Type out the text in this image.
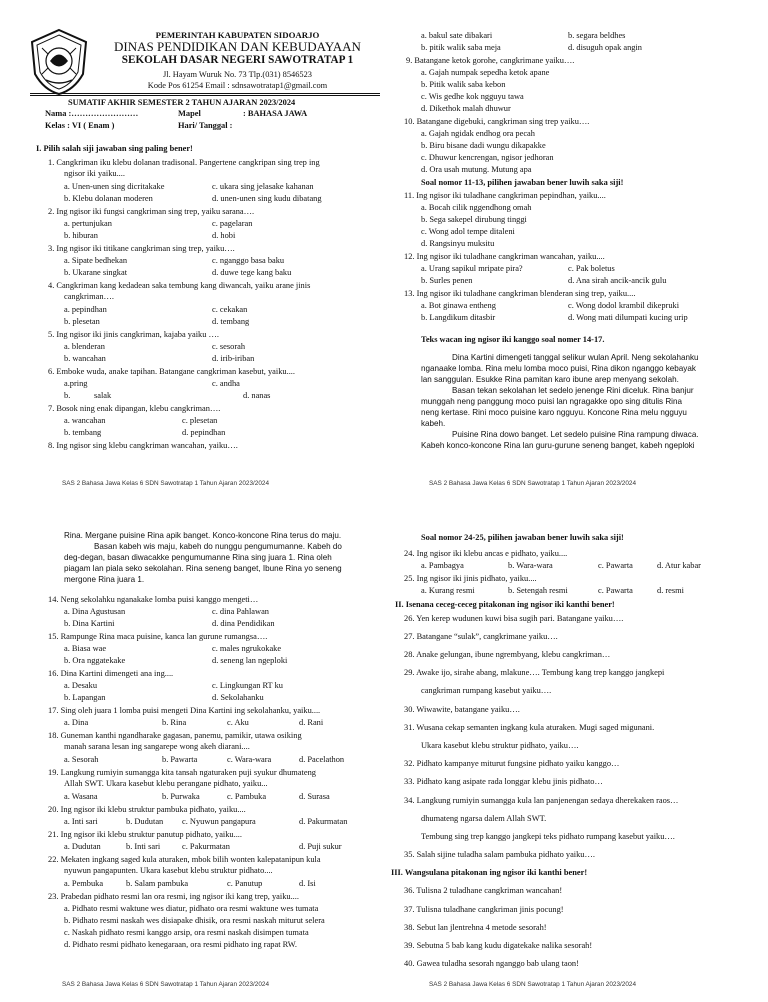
PEMERINTAH KABUPATEN SIDOARJO
DINAS PENDIDIKAN DAN KEBUDAYAAN
SEKOLAH DASAR NEGERI SAWOTRATAP 1
Jl. Hayam Wuruk No. 73 Tlp.(031) 8546523
Kode Pos 61254 Email : sdnsawotratap1@gmail.com
SUMATIF AKHIR SEMESTER 2 TAHUN AJARAN 2023/2024
Nama :……………………	Mapel	: BAHASA JAWA
Kelas : VI ( Enam )	Hari/ Tanggal :
I. Pilih salah siji jawaban sing paling bener!
1. Cangkriman iku klebu dolanan tradisonal. Pangertene cangkripan sing trep ing
ngisor iki yaiku....
a. Unen-unen sing dicritakake	c. ukara sing jelasake kahanan
b. Klebu dolanan moderen	d. unen-unen sing kudu dibatang
2. Ing ngisor iki fungsi cangkriman sing trep, yaiku sarana….
a. pertunjukan	c. pagelaran
b. hiburan	d. hobi
3. Ing ngisor iki titikane cangkriman sing trep, yaiku….
a. Sipate bedhekan	c. nganggo basa baku
b. Ukarane singkat	d. duwe tege kang baku
4. Cangkriman kang kedadean saka tembung kang diwancah, yaiku arane jinis
cangkriman….
a. pepindhan	c. cekakan
b. plesetan	d. tembang
5. Ing ngisor iki jinis cangkriman, kajaba yaiku ….
a. blenderan	c. sesorah
b. wancahan	d. irib-iriban
6. Emboke wuda, anake tapihan. Batangane cangkriman kasebut, yaiku....
a.pring	c. andha
b.	salak	d. nanas
7. Bosok ning enak dipangan, klebu cangkriman….
a. wancahan	c. plesetan
b. tembang	d. pepindhan
8. Ing ngisor sing klebu cangkriman wancahan, yaiku….
SAS 2 Bahasa Jawa Kelas 6 SDN Sawotratap 1 Tahun Ajaran 2023/2024
a. bakul sate dibakari	b. segara beldhes
b. pitik walik saba meja	d. disuguh opak angin
9. Batangane ketok gorohe, cangkrimane yaiku….
a. Gajah numpak sepedha ketok apane
b. Pitik walik saba kebon
c. Wis gedhe kok ngguyu tawa
d. Dikethok malah dhuwur
10. Batangane digebuki, cangkriman sing trep yaiku….
a. Gajah ngidak endhog ora pecah
b. Biru bisane dadi wungu dikapakke
c. Dhuwur kencrengan, ngisor jedhoran
d. Ora usah mutung. Mutung apa
Soal nomor 11-13, pilihen jawaban bener luwih saka siji!
11. Ing ngisor iki tuladhane cangkriman pepindhan, yaiku....
a. Bocah cilik nggendhong omah
b. Sega sakepel dirubung tinggi
c. Wong adol tempe ditaleni
d. Rangsinyu muksitu
12. Ing ngisor iki tuladhane cangkriman wancahan, yaiku....
a. Urang sapikul mripate pira?	c. Pak boletus
b. Surles penen	d. Ana sirah ancik-ancik gulu
13. Ing ngisor iki tuladhane cangkriman blenderan sing trep, yaiku....
a. Bot ginawa entheng	c. Wong dodol krambil dikepruki
b. Langdikum ditasbir	d. Wong mati dilumpati kucing urip
Teks wacan ing ngisor iki kanggo soal nomer 14-17.
Dina Kartini dimengeti tanggal selikur wulan April. Neng sekolahanku
nganaake lomba. Rina melu lomba moco puisi, Rina dikon nganggo kebayak
lan sanggulan. Esukke Rina pamitan karo ibune arep menyang sekolah.
Basan tekan sekolahan let sedelo jenenge Rini diceluk. Rina banjur
munggah neng panggung moco puisi lan ngragakke opo sing ditulis Rina
neng kertase. Rini moco puisine karo ngguyu. Koncone Rina melu ngguyu
kabeh.
Puisine Rina dowo banget. Let sedelo puisine Rina rampung diwaca.
Kabeh konco-koncone Rina lan guru-gurune seneng banget, kabeh ngeploki
SAS 2 Bahasa Jawa Kelas 6 SDN Sawotratap 1 Tahun Ajaran 2023/2024
Rina. Mergane puisine Rina apik banget. Konco-koncone Rina terus do maju.
Basan kabeh wis maju, kabeh do nunggu pengumumanne. Kabeh do
deg-degan, basan diwacakke pengumumanne Rina sing juara 1. Rina oleh
piagam lan piala seko sekolahan. Rina seneng banget, Ibune Rina yo seneng
mergone Rina juara 1.
14. Neng sekolahku nganakake lomba puisi kanggo mengeti…
a. Dina Agustusan	c. dina Pahlawan
b. Dina Kartini	d. dina Pendidikan
15. Rampunge Rina maca puisine, kanca lan gurune rumangsa….
a. Biasa wae	c. males ngrukokake
b. Ora nggatekake	d. seneng lan ngeploki
16. Dina Kartini dimengeti ana ing....
a. Desaku	c. Lingkungan RT ku
b. Lapangan	d. Sekolahanku
17. Sing oleh juara 1 lomba puisi mengeti Dina Kartini ing sekolahanku, yaiku....
a. Dina	b. Rina	c. Aku	d. Rani
18. Guneman kanthi ngandharake gagasan, panemu, pamikir, utawa osiking
manah sarana lesan ing sangarepe wong akeh diarani....
a. Sesorah	b. Pawarta	c. Wara-wara	d. Pacelathon
19. Langkung rumiyin sumangga kita tansah ngaturaken puji syukur dhumateng
Allah SWT. Ukara kasebut klebu perangane pidhato, yaiku...
a. Wasana	b. Purwaka	c. Pambuka	d. Surasa
20. Ing ngisor iki klebu struktur pambuka pidhato, yaiku....
a. Inti sari	b. Dudutan c. Nyuwun pangapura	d. Pakurmatan
21. Ing ngisor iki klebu struktur panutup pidhato, yaiku....
a. Dudutan	b. Inti sari	c. Pakurmatan	d. Puji sukur
22. Mekaten ingkang saged kula aturaken, mbok bilih wonten kalepatanipun kula
nyuwun pangapunten. Ukara kasebut klebu struktur pidhato....
a. Pembuka	b. Salam pambuka	c. Panutup	d. Isi
23. Prabedan pidhato resmi lan ora resmi, ing ngisor iki kang trep, yaiku....
a. Pidhato resmi waktune wes diatur, pidhato ora resmi waktune wes tumata
b. Pidhato resmi naskah wes disiapake dhisik, ora resmi naskah miturut selera
c. Naskah pidhato resmi kanggo arsip, ora resmi naskah disimpen tumata
d. Pidhato resmi pidhato kenegaraan, ora resmi pidhato ing rapat RW.
SAS 2 Bahasa Jawa Kelas 6 SDN Sawotratap 1 Tahun Ajaran 2023/2024
Soal nomor 24-25, pilihen jawaban bener luwih saka siji!
24. Ing ngisor iki klebu ancas e pidhato, yaiku....
a. Pambagya	b. Wara-wara	c. Pawarta	d. Atur kabar
25. Ing ngisor iki jinis pidhato, yaiku....
a. Kurang resmi	b. Setengah resmi	c. Pawarta	d. resmi
II. Isenana ceceg-ceceg pitakonan ing ngisor iki kanthi bener!
26. Yen kerep wudunen kuwi bisa sugih pari. Batangane yaiku….
27. Batangane “sulak”, cangkrimane yaiku….
28. Anake gelungan, ibune ngrembyang, klebu cangkriman…
29. Awake ijo, sirahe abang, mlakune…. Tembung kang trep kanggo jangkepi
cangkriman rumpang kasebut yaiku….
30. Wiwawite, batangane yaiku….
31. Wusana cekap semanten ingkang kula aturaken. Mugi saged migunani.
Ukara kasebut klebu struktur pidhato, yaiku….
32. Pidhato kampanye miturut fungsine pidhato yaiku kanggo…
33. Pidhato kang asipate rada longgar klebu jinis pidhato…
34. Langkung rumiyin sumangga kula lan panjenengan sedaya dherekaken raos…
dhumateng ngarsa dalem Allah SWT.
Tembung sing trep kanggo jangkepi teks pidhato rumpang kasebut yaiku….
35. Salah sijine tuladha salam pambuka pidhato yaiku….
III. Wangsulana pitakonan ing ngisor iki kanthi bener!
36. Tulisna 2 tuladhane cangkriman wancahan!
37. Tulisna tuladhane cangkriman jinis pocung!
38. Sebut lan jlentrehna 4 metode sesorah!
39. Sebutna 5 bab kang kudu digatekake nalika sesorah!
40. Gawea tuladha sesorah nganggo bab ulang taon!
SAS 2 Bahasa Jawa Kelas 6 SDN Sawotratap 1 Tahun Ajaran 2023/2024
